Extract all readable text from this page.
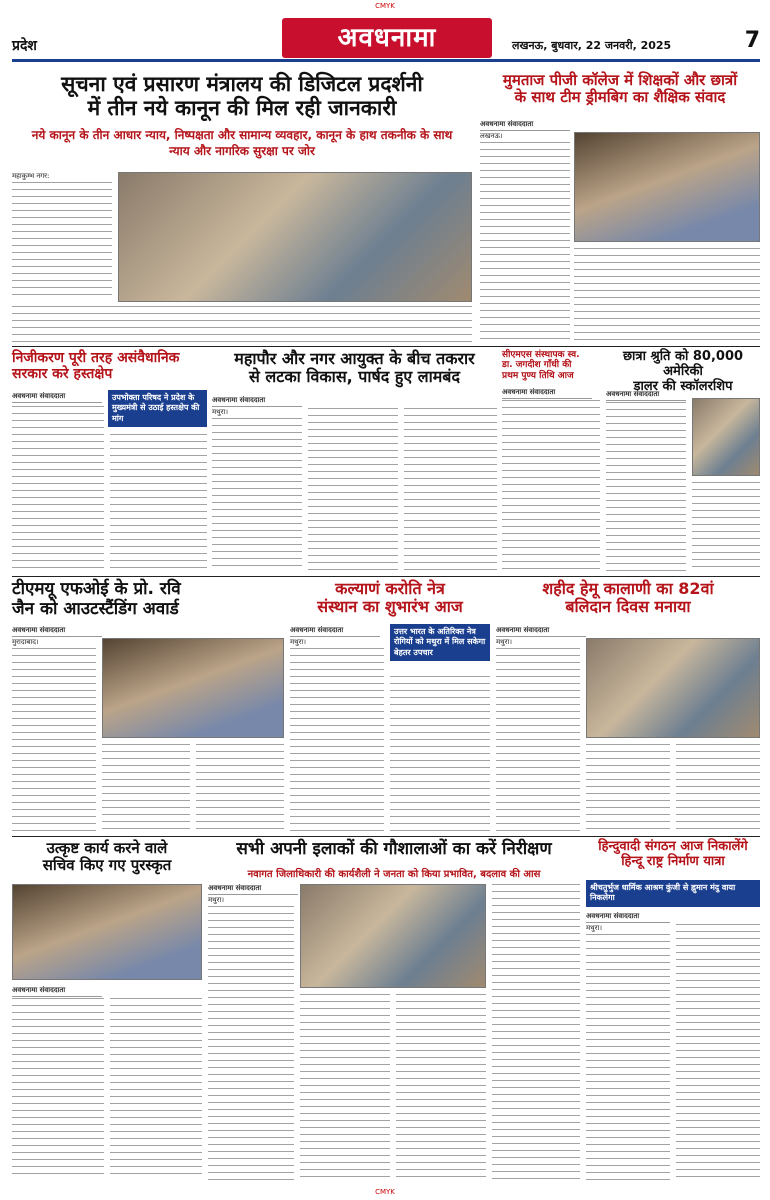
CMYK
प्रदेश	अवधनामा	लखनऊ, बुधवार, 22 जनवरी, 2025	7
सूचना एवं प्रसारण मंत्रालय की डिजिटल प्रदर्शनी
में तीन नये कानून की मिल रही जानकारी
नये कानून के तीन आधार न्याय, निष्पक्षता और सामान्य व्यवहार, कानून के हाथ तकनीक के साथ न्याय और नागरिक सुरक्षा पर जोर
महाकुम्भ नगर:
मुमताज पीजी कॉलेज में शिक्षकों और छात्रों
के साथ टीम ड्रीमबिग का शैक्षिक संवाद
अवधनामा संवाददाता
लखनऊ।
निजीकरण पूरी तरह असंवैधानिक
सरकार करे हस्तक्षेप
अवधनामा संवाददाता	उपभोक्ता परिषद ने प्रदेश के मुख्यमंत्री से उठाई हस्तक्षेप की मांग
महापौर और नगर आयुक्त के बीच तकरार
से लटका विकास, पार्षद हुए लामबंद
अवधनामा संवाददाता
मथुरा।
सीएमएस संस्थापक स्व.
डा. जगदीश गाँधी की
प्रथम पुण्य तिथि आज
अवधनामा संवाददाता
छात्रा श्रुति को 80,000 अमेरिकी
डालर की स्कॉलरशिप
अवधनामा संवाददाता
टीएमयू एफओई के प्रो. रवि
जैन को आउटस्टैंडिंग अवार्ड
अवधनामा संवाददाता
मुरादाबाद।
कल्याणं करोति नेत्र
संस्थान का शुभारंभ आज
अवधनामा संवाददाता
मथुरा।
उत्तर भारत के अतिरिक्त नेत्र रोगियों को मथुरा में मिल सकेगा बेहतर उपचार
शहीद हेमू कालाणी का 82वां
बलिदान दिवस मनाया
अवधनामा संवाददाता
मथुरा।
उत्कृष्ट कार्य करने वाले
सचिव किए गए पुरस्कृत
अवधनामा संवाददाता
सभी अपनी इलाकों की गौशालाओं का करें निरीक्षण
नवागत जिलाधिकारी की कार्यशैली ने जनता को किया प्रभावित, बदलाव की आस
अवधनामा संवाददाता
मथुरा।
हिन्दुवादी संगठन आज निकालेंगे
हिन्दू राष्ट्र निर्माण यात्रा
श्रीचतुर्भुज धार्मिक आश्रम कुंजी से ह्नुमान मंदु वाया निकलेगा
अवधनामा संवाददाता
मथुरा।
CMYK
